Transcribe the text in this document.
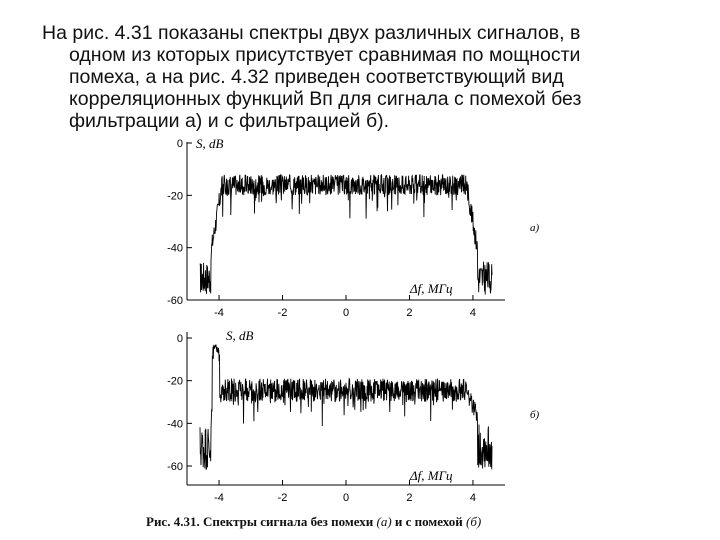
На рис. 4.31 показаны спектры двух различных сигналов, в одном из которых присутствует сравнимая по мощности помеха, а на рис. 4.32 приведен соответствующий вид корреляционных функций Вп для сигнала с помехой без фильтрации а) и с фильтрацией б).

0
-20
-40
-60
-4	-2	0	2	4
S, dB
Δf, МГц
а)
0
-20
-40
-60
-4	-2	0	2	4
S, dB
Δf, МГц
б)
Рис. 4.31. Спектры сигнала без помехи (а) и с помехой (б)
